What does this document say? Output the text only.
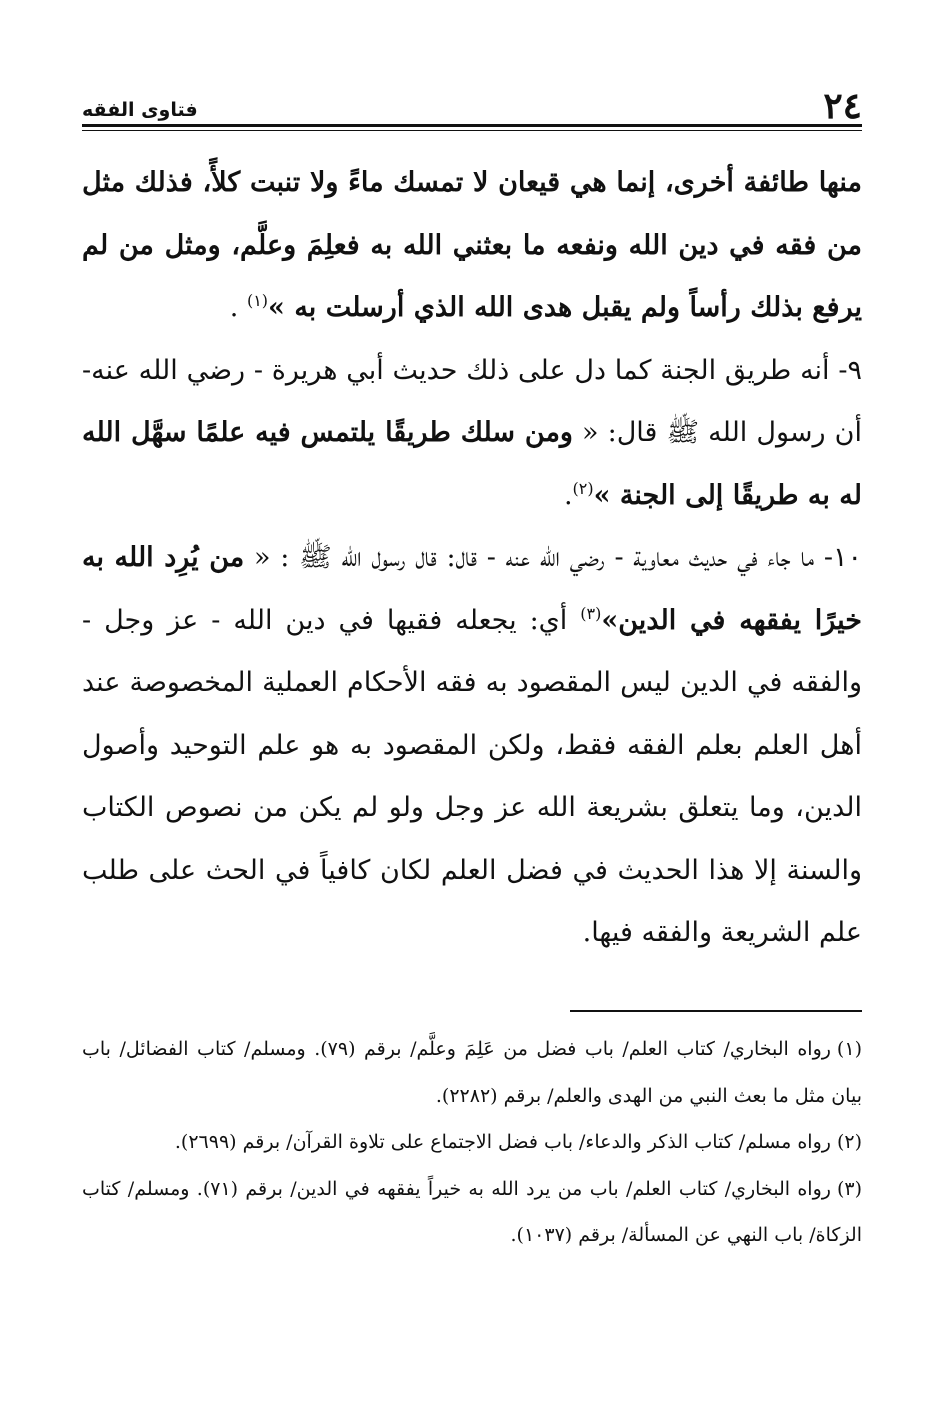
٢٤
فتاوى الفقه

منها طائفة أخرى، إنما هي قيعان لا تمسك ماءً ولا تنبت كلأً، فذلك مثل من فقه في دين الله ونفعه ما بعثني الله به فعلِمَ وعلَّم، ومثل من لم يرفع بذلك رأساً ولم يقبل هدى الله الذي أرسلت به »$^{(١)}$ .

٩- أنه طريق الجنة كما دل على ذلك حديث أبي هريرة - رضي الله عنه- أن رسول الله ﷺ قال: « ومن سلك طريقًا يلتمس فيه علمًا سهَّل الله له به طريقًا إلى الجنة »$^{(٢)}$.

١٠- ما جاء في حديث معاوية - رضي الله عنه - قال: قال رسول الله ﷺ : « من يُرِد الله به خيرًا يفقهه في الدين»$^{(٣)}$ أي: يجعله فقيها في دين الله - عز وجل - والفقه في الدين ليس المقصود به فقه الأحكام العملية المخصوصة عند أهل العلم بعلم الفقه فقط، ولكن المقصود به هو علم التوحيد وأصول الدين، وما يتعلق بشريعة الله عز وجل ولو لم يكن من نصوص الكتاب والسنة إلا هذا الحديث في فضل العلم لكان كافياً في الحث على طلب علم الشريعة والفقه فيها.

(١)رواه البخاري/ كتاب العلم/ باب فضل من عَلِمَ وعلَّم/ برقم (٧٩). ومسلم/ كتاب الفضائل/ باب بيان مثل ما بعث النبي من الهدى والعلم/ برقم (٢٢٨٢).

(٢)رواه مسلم/ كتاب الذكر والدعاء/ باب فضل الاجتماع على تلاوة القرآن/ برقم (٢٦٩٩).

(٣)رواه البخاري/ كتاب العلم/ باب من يرد الله به خيراً يفقهه في الدين/ برقم (٧١). ومسلم/ كتاب الزكاة/ باب النهي عن المسألة/ برقم (١٠٣٧).
